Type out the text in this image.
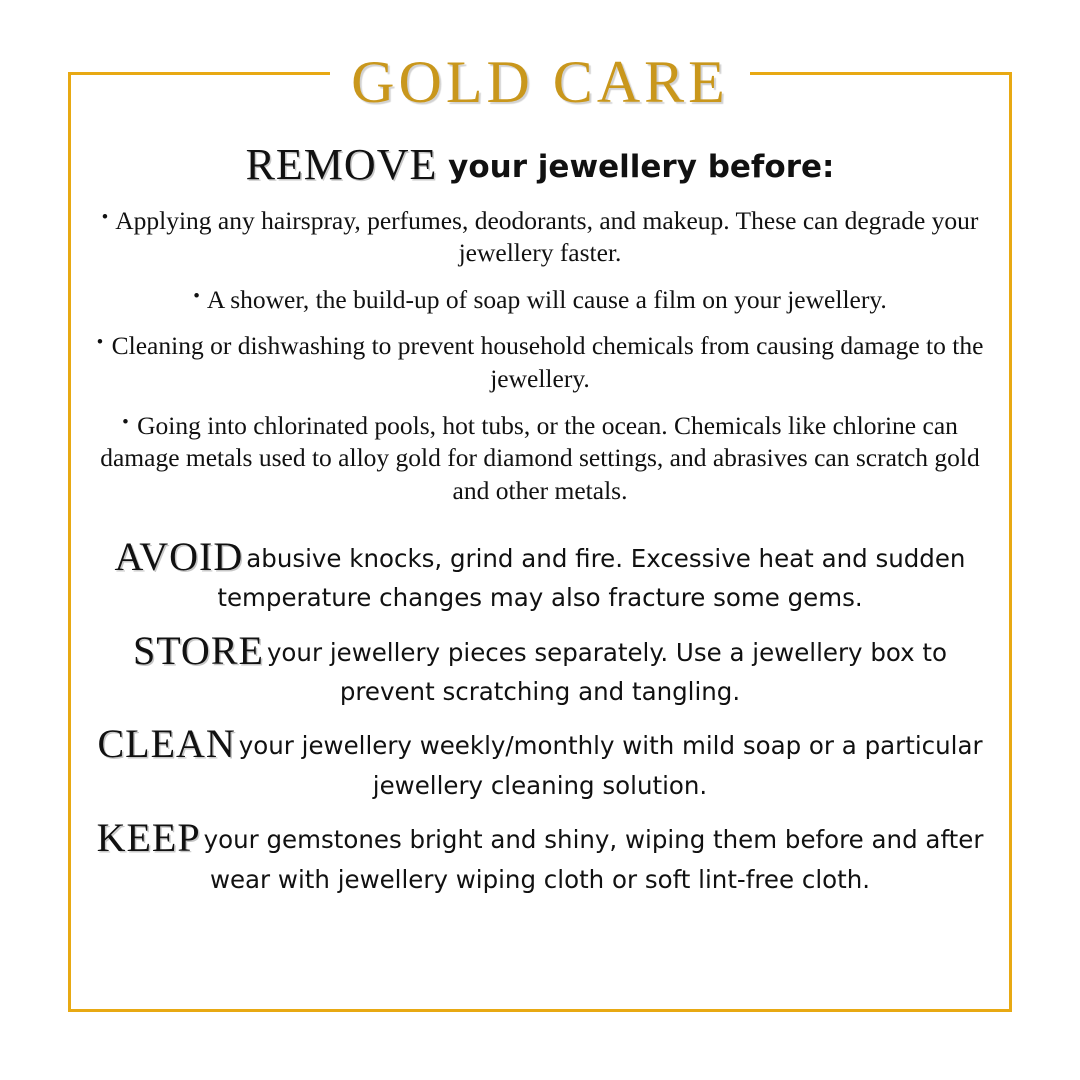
GOLD CARE
REMOVE your jewellery before:
• Applying any hairspray, perfumes, deodorants, and makeup. These can degrade your jewellery faster.
• A shower, the build-up of soap will cause a film on your jewellery.
• Cleaning or dishwashing to prevent household chemicals from causing damage to the jewellery.
• Going into chlorinated pools, hot tubs, or the ocean. Chemicals like chlorine can damage metals used to alloy gold for diamond settings, and abrasives can scratch gold and other metals.

AVOID abusive knocks, grind and fire. Excessive heat and sudden temperature changes may also fracture some gems.

STORE your jewellery pieces separately. Use a jewellery box to prevent scratching and tangling.

CLEAN your jewellery weekly/monthly with mild soap or a particular jewellery cleaning solution.

KEEP your gemstones bright and shiny, wiping them before and after wear with jewellery wiping cloth or soft lint-free cloth.
